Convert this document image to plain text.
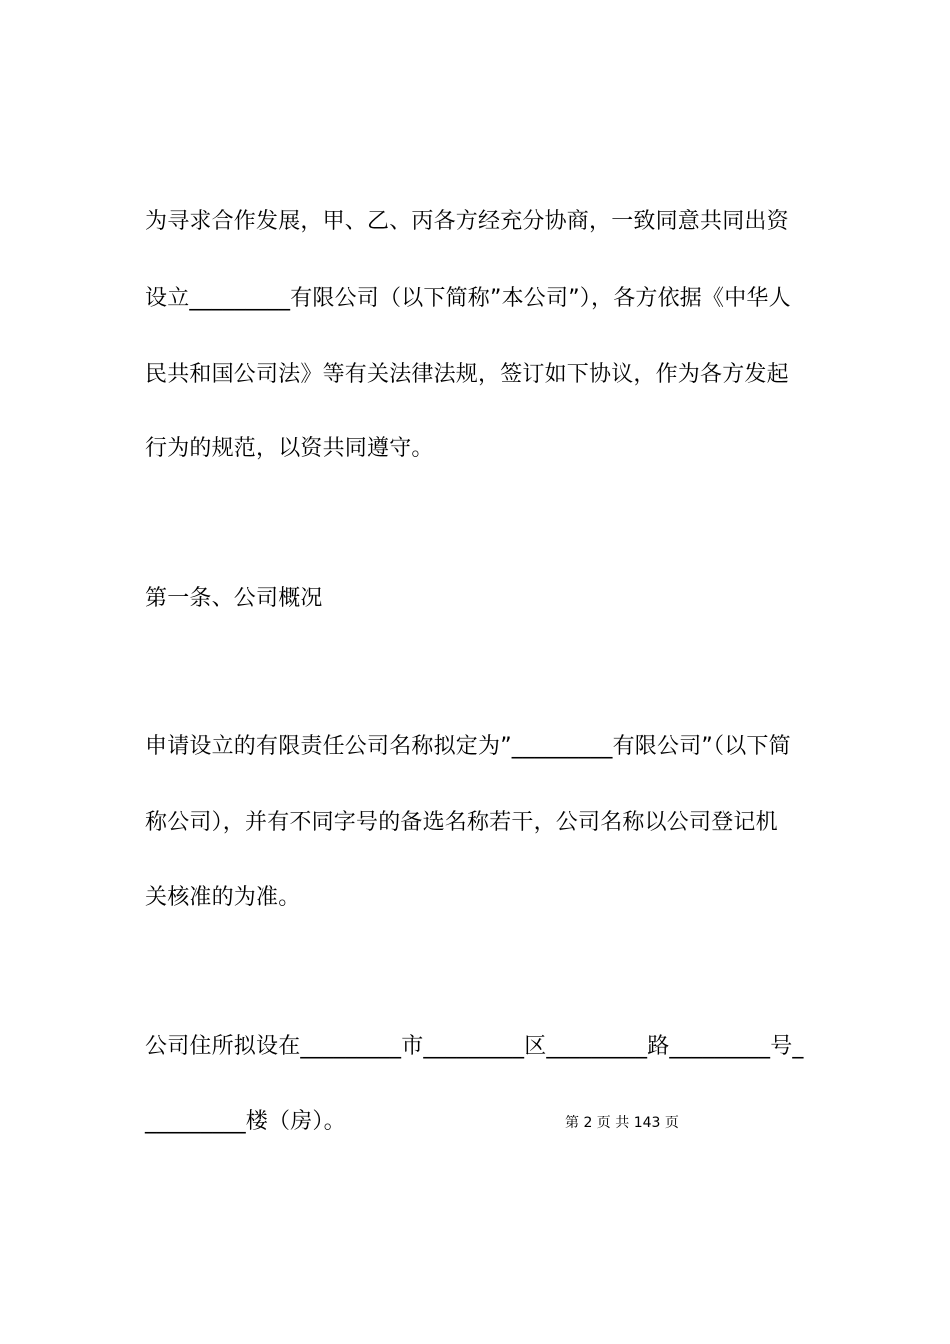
为寻求合作发展，甲、乙、丙各方经充分协商，一致同意共同出资
设立_________有限公司（以下简称”本公司”），各方依据《中华人
民共和国公司法》等有关法律法规，签订如下协议，作为各方发起
行为的规范，以资共同遵守。
第一条、公司概况
申请设立的有限责任公司名称拟定为”_________有限公司”（以下简
称公司），并有不同字号的备选名称若干，公司名称以公司登记机
关核准的为准。
公司住所拟设在_________市_________区_________路_________号_
_________楼（房）。	第 2 页 共 143 页
